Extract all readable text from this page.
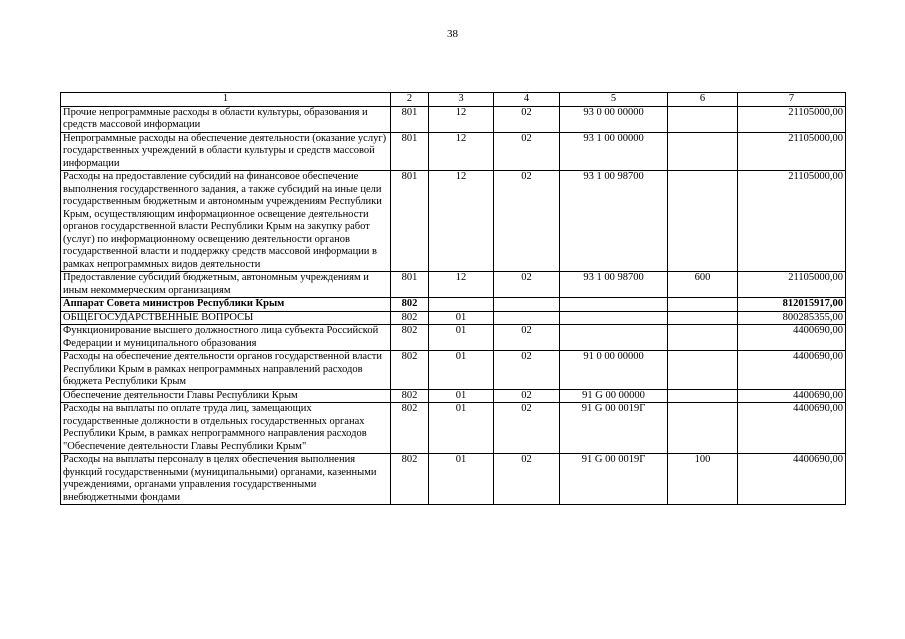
38
1	2	3	4	5	6	7
Прочие непрограммные расходы в области культуры, образования и средств массовой информации	801	12	02	93 0 00 00000		21105000,00
Непрограммные расходы на обеспечение деятельности (оказание услуг) государственных учреждений в области культуры и средств массовой информации	801	12	02	93 1 00 00000		21105000,00
Расходы на предоставление субсидий на финансовое обеспечение выполнения государственного задания, а также субсидий на иные цели государственным бюджетным и автономным учреждениям Республики Крым, осуществляющим информационное освещение деятельности органов государственной власти Республики Крым на закупку работ (услуг) по информационному освещению деятельности органов государственной власти и поддержку средств массовой информации в рамках непрограммных видов деятельности	801	12	02	93 1 00 98700		21105000,00
Предоставление субсидий бюджетным, автономным учреждениям и иным некоммерческим организациям	801	12	02	93 1 00 98700	600	21105000,00
Аппарат Совета министров Республики Крым	802					812015917,00
ОБЩЕГОСУДАРСТВЕННЫЕ ВОПРОСЫ	802	01				800285355,00
Функционирование высшего должностного лица субъекта Российской Федерации и муниципального образования	802	01	02			4400690,00
Расходы на обеспечение деятельности органов государственной власти Республики Крым в рамках непрограммных направлений расходов бюджета Республики Крым	802	01	02	91 0 00 00000		4400690,00
Обеспечение деятельности Главы Республики Крым	802	01	02	91 G 00 00000		4400690,00
Расходы на выплаты по оплате труда лиц, замещающих государственные должности в отдельных государственных органах Республики Крым, в рамках непрограммного направления расходов "Обеспечение деятельности Главы Республики Крым"	802	01	02	91 G 00 0019Г		4400690,00
Расходы на выплаты персоналу в целях обеспечения выполнения функций государственными (муниципальными) органами, казенными учреждениями, органами управления государственными внебюджетными фондами	802	01	02	91 G 00 0019Г	100	4400690,00
